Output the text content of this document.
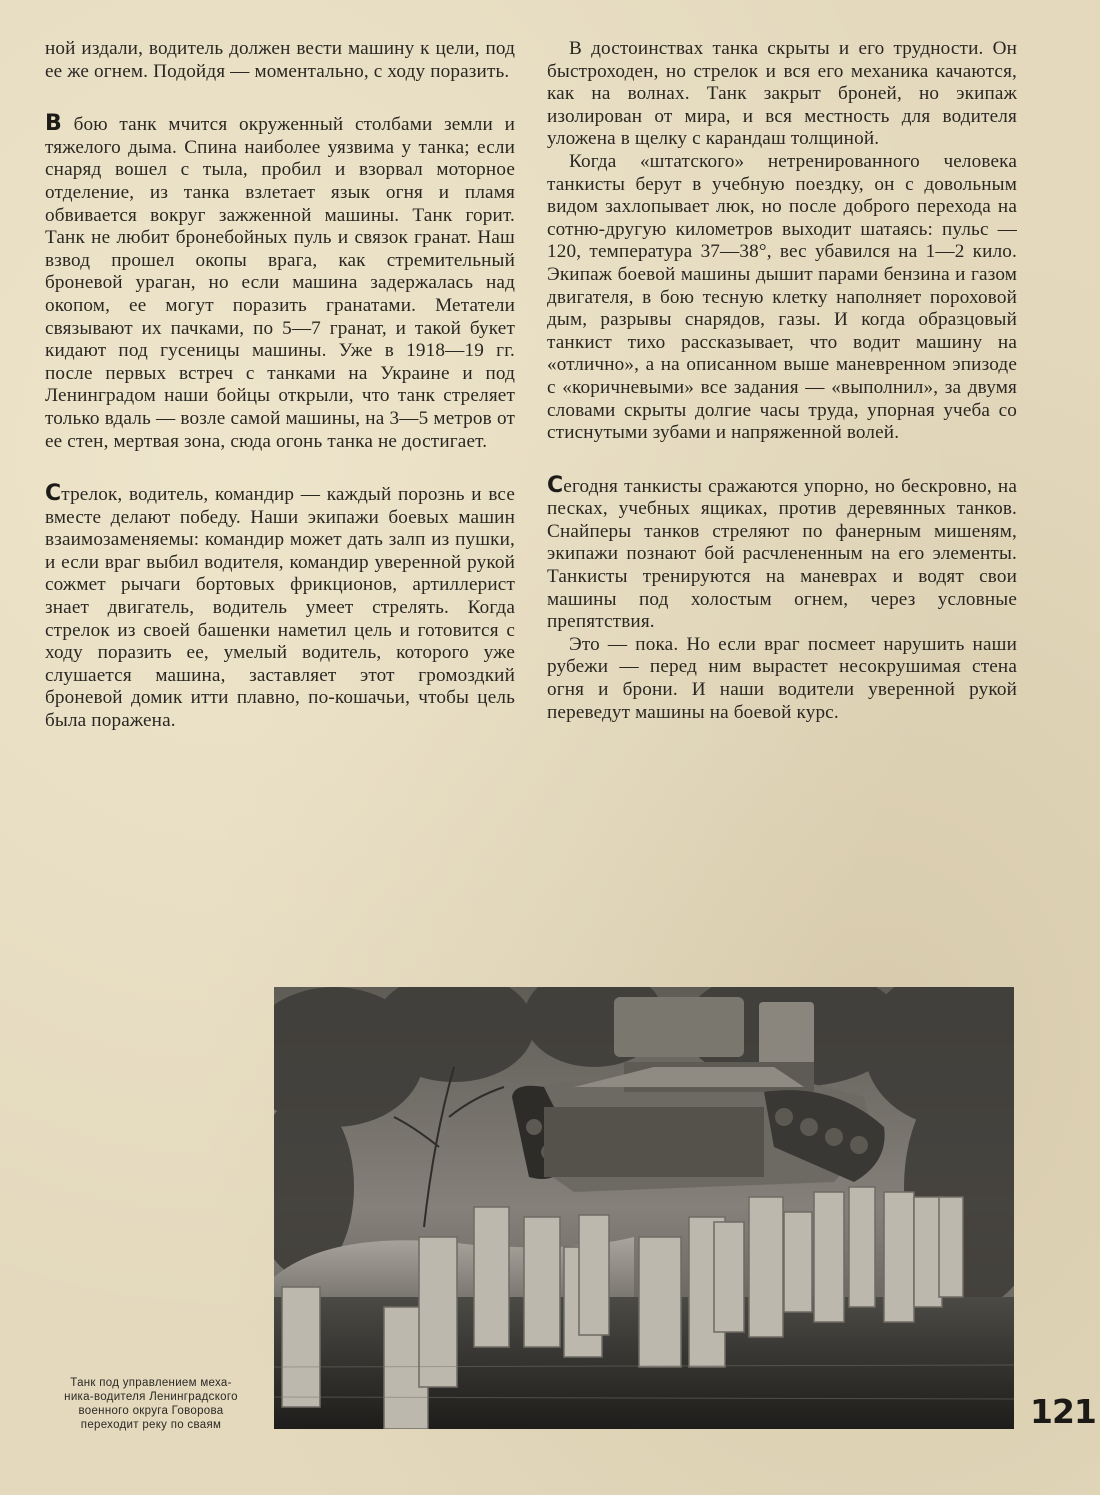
ной издали, водитель должен вести машину к цели, под ее же огнем. Подойдя — моментально, с ходу поразить.

В бою танк мчится окруженный столбами земли и тяжелого дыма. Спина наиболее уязвима у танка; если снаряд вошел с тыла, пробил и взорвал моторное отделение, из танка взлетает язык огня и пламя обвивается вокруг зажженной машины. Танк горит. Танк не любит бронебойных пуль и связок гранат. Наш взвод прошел окопы врага, как стремительный броневой ураган, но если машина задержалась над окопом, ее могут поразить гранатами. Метатели связывают их пачками, по 5—7 гранат, и такой букет кидают под гусеницы машины. Уже в 1918—19 гг. после первых встреч с танками на Украине и под Ленинградом наши бойцы открыли, что танк стреляет только вдаль — возле самой машины, на 3—5 метров от ее стен, мертвая зона, сюда огонь танка не достигает.

Стрелок, водитель, командир — каждый порознь и все вместе делают победу. Наши экипажи боевых машин взаимозаменяемы: командир может дать залп из пушки, и если враг выбил водителя, командир уверенной рукой сожмет рычаги бортовых фрикционов, артиллерист знает двигатель, водитель умеет стрелять. Когда стрелок из своей башенки наметил цель и готовится с ходу поразить ее, умелый водитель, которого уже слушается машина, заставляет этот громоздкий броневой домик итти плавно, по-кошачьи, чтобы цель была поражена.

В достоинствах танка скрыты и его трудности. Он быстроходен, но стрелок и вся его механика качаются, как на волнах. Танк закрыт броней, но экипаж изолирован от мира, и вся местность для водителя уложена в щелку с карандаш толщиной.

Когда «штатского» нетренированного человека танкисты берут в учебную поездку, он с довольным видом захлопывает люк, но после доброго перехода на сотню-другую километров выходит шатаясь: пульс — 120, температура 37—38°, вес убавился на 1—2 кило. Экипаж боевой машины дышит парами бензина и газом двигателя, в бою тесную клетку наполняет пороховой дым, разрывы снарядов, газы. И когда образцовый танкист тихо рассказывает, что водит машину на «отлично», а на описанном выше маневренном эпизоде с «коричневыми» все задания — «выполнил», за двумя словами скрыты долгие часы труда, упорная учеба со стиснутыми зубами и напряженной волей.

Сегодня танкисты сражаются упорно, но бескровно, на песках, учебных ящиках, против деревянных танков. Снайперы танков стреляют по фанерным мишеням, экипажи познают бой расчлененным на его элементы. Танкисты тренируются на маневрах и водят свои машины под холостым огнем, через условные препятствия.

Это — пока. Но если враг посмеет нарушить наши рубежи — перед ним вырастет несокрушимая стена огня и брони. И наши водители уверенной рукой переведут машины на боевой курс.

Танк под управлением меха-
ника-водителя Ленинградского
военного округа Говорова
переходит реку по сваям	121
